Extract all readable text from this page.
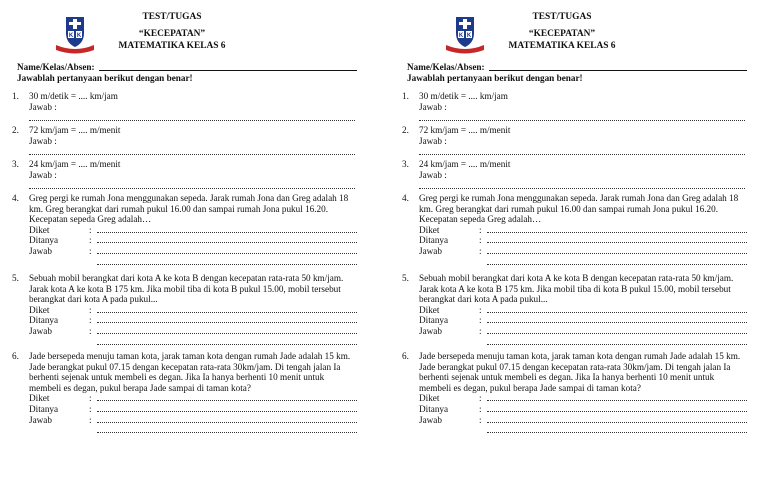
K K
TEST/TUGAS
“KECEPATAN”
MATEMATIKA KELAS 6
Name/Kelas/Absen:
Jawablah pertanyaan berikut dengan benar!
1.	30 m/detik = .... km/jam

Jawab :

2.	72 km/jam = .... m/menit

Jawab :

3.	24 km/jam = .... m/menit

Jawab :

4.	Greg pergi ke rumah Jona menggunakan sepeda. Jarak rumah Jona dan Greg adalah 18 km. Greg berangkat dari rumah pukul 16.00 dan sampai rumah Jona pukul 16.20. Kecepatan sepeda Greg adalah…

Diket	:
Ditanya	:
Jawab	:
5.	Sebuah mobil berangkat dari kota A ke kota B dengan kecepatan rata-rata 50 km/jam. Jarak kota A ke kota B 175 km. Jika mobil tiba di kota B pukul 15.00, mobil tersebut berangkat dari kota A pada pukul...

Diket	:
Ditanya	:
Jawab	:
6.	Jade bersepeda menuju taman kota, jarak taman kota dengan rumah Jade adalah 15 km. Jade berangkat pukul 07.15 dengan kecepatan rata-rata 30km/jam. Di tengah jalan Ia berhenti sejenak untuk membeli es degan. Jika Ia hanya berhenti 10 menit untuk membeli es degan, pukul berapa Jade sampai di taman kota?

Diket	:
Ditanya	:
Jawab	:
K K
TEST/TUGAS
“KECEPATAN”
MATEMATIKA KELAS 6
Name/Kelas/Absen:
Jawablah pertanyaan berikut dengan benar!
1.	30 m/detik = .... km/jam

Jawab :

2.	72 km/jam = .... m/menit

Jawab :

3.	24 km/jam = .... m/menit

Jawab :

4.	Greg pergi ke rumah Jona menggunakan sepeda. Jarak rumah Jona dan Greg adalah 18 km. Greg berangkat dari rumah pukul 16.00 dan sampai rumah Jona pukul 16.20. Kecepatan sepeda Greg adalah…

Diket	:
Ditanya	:
Jawab	:
5.	Sebuah mobil berangkat dari kota A ke kota B dengan kecepatan rata-rata 50 km/jam. Jarak kota A ke kota B 175 km. Jika mobil tiba di kota B pukul 15.00, mobil tersebut berangkat dari kota A pada pukul...

Diket	:
Ditanya	:
Jawab	:
6.	Jade bersepeda menuju taman kota, jarak taman kota dengan rumah Jade adalah 15 km. Jade berangkat pukul 07.15 dengan kecepatan rata-rata 30km/jam. Di tengah jalan Ia berhenti sejenak untuk membeli es degan. Jika Ia hanya berhenti 10 menit untuk membeli es degan, pukul berapa Jade sampai di taman kota?

Diket	:
Ditanya	:
Jawab	:
